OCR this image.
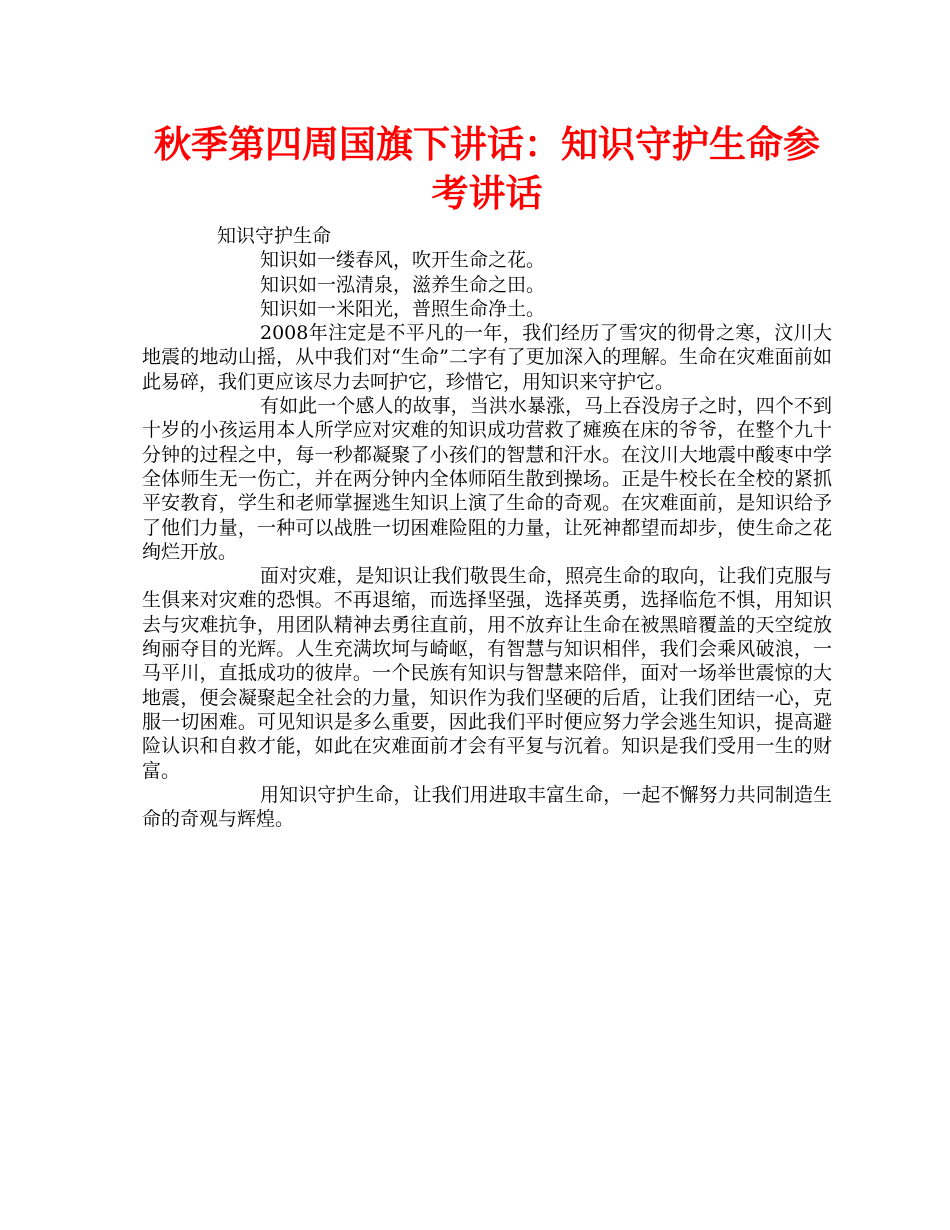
秋季第四周国旗下讲话：知识守护生命参考讲话

知识守护生命

知识如一缕春风，吹开生命之花。

知识如一泓清泉，滋养生命之田。

知识如一米阳光，普照生命净土。

2008年注定是不平凡的一年，我们经历了雪灾的彻骨之寒，汶川大地震的地动山摇，从中我们对“生命”二字有了更加深入的理解。生命在灾难面前如此易碎，我们更应该尽力去呵护它，珍惜它，用知识来守护它。

有如此一个感人的故事，当洪水暴涨，马上吞没房子之时，四个不到十岁的小孩运用本人所学应对灾难的知识成功营救了瘫痪在床的爷爷，在整个九十分钟的过程之中，每一秒都凝聚了小孩们的智慧和汗水。在汶川大地震中酸枣中学全体师生无一伤亡，并在两分钟内全体师陌生散到操场。正是牛校长在全校的紧抓平安教育，学生和老师掌握逃生知识上演了生命的奇观。在灾难面前，是知识给予了他们力量，一种可以战胜一切困难险阻的力量，让死神都望而却步，使生命之花绚烂开放。

面对灾难，是知识让我们敬畏生命，照亮生命的取向，让我们克服与生俱来对灾难的恐惧。不再退缩，而选择坚强，选择英勇，选择临危不惧，用知识去与灾难抗争，用团队精神去勇往直前，用不放弃让生命在被黑暗覆盖的天空绽放绚丽夺目的光辉。人生充满坎坷与崎岖，有智慧与知识相伴，我们会乘风破浪，一马平川，直抵成功的彼岸。一个民族有知识与智慧来陪伴，面对一场举世震惊的大地震，便会凝聚起全社会的力量，知识作为我们坚硬的后盾，让我们团结一心，克服一切困难。可见知识是多么重要，因此我们平时便应努力学会逃生知识，提高避险认识和自救才能，如此在灾难面前才会有平复与沉着。知识是我们受用一生的财富。

用知识守护生命，让我们用进取丰富生命，一起不懈努力共同制造生命的奇观与辉煌。
